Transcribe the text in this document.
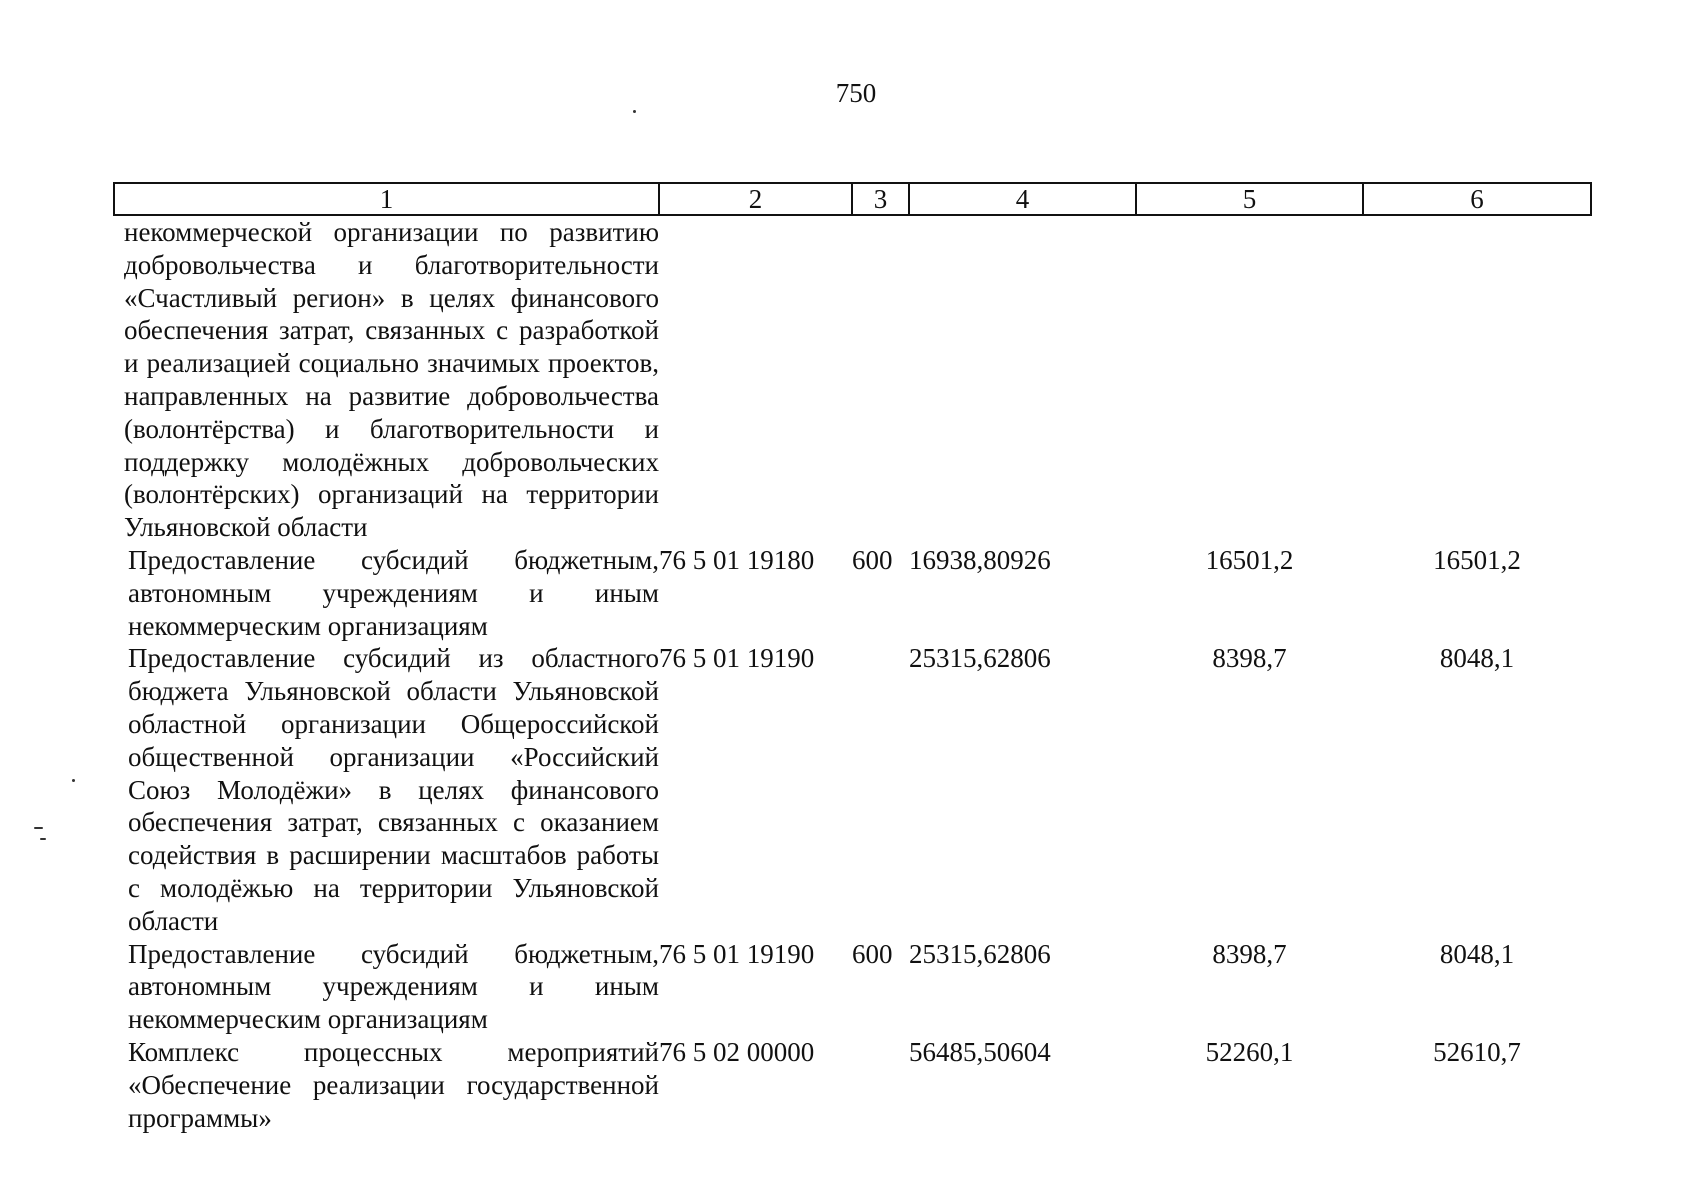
750
1	2	3	4	5	6
некоммерческой организации по развитию добровольчества и благотворительности «Счастливый регион» в целях финансового обеспечения затрат, связанных с разработкой и реализацией социально значимых проектов, направленных на развитие добровольчества (волонтёрства) и благотворительности и поддержку молодёжных добровольческих (волонтёрских) организаций на территории Ульяновской области					
Предоставление субсидий бюджетным, автономным учреждениям и иным некоммерческим организациям	76 5 01 19180	600	16938,80926	16501,2	16501,2
Предоставление субсидий из областного бюджета Ульяновской области Ульяновской областной организации Общероссийской общественной организации «Российский Союз Молодёжи» в целях финансового обеспечения затрат, связанных с оказанием содействия в расширении масштабов работы с молодёжью на территории Ульяновской области	76 5 01 19190		25315,62806	8398,7	8048,1
Предоставление субсидий бюджетным, автономным учреждениям и иным некоммерческим организациям	76 5 01 19190	600	25315,62806	8398,7	8048,1
Комплекс процессных мероприятий «Обеспечение реализации государственной программы»	76 5 02 00000		56485,50604	52260,1	52610,7
